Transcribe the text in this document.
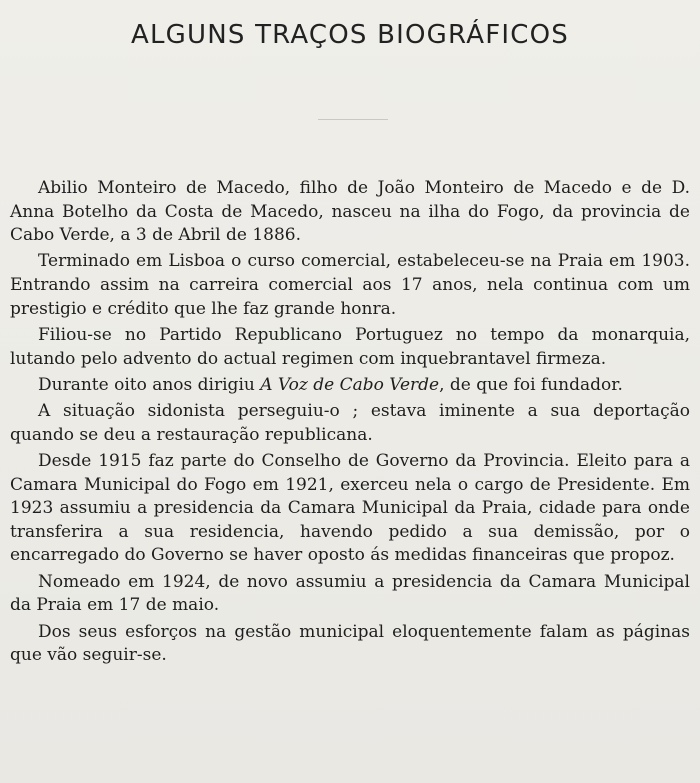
ALGUNS TRAÇOS BIOGRÁFICOS

Abilio Monteiro de Macedo, filho de João Monteiro de Macedo e de D. Anna Botelho da Costa de Macedo, nasceu na ilha do Fogo, da provincia de Cabo Verde, a 3 de Abril de 1886.

Terminado em Lisboa o curso comercial, estabeleceu-se na Praia em 1903. Entrando assim na carreira comercial aos 17 anos, nela continua com um prestigio e crédito que lhe faz grande honra.

Filiou-se no Partido Republicano Portuguez no tempo da monarquia, lutando pelo advento do actual regimen com inquebrantavel firmeza.

Durante oito anos dirigiu A Voz de Cabo Verde, de que foi fundador.

A situação sidonista perseguiu-o ; estava iminente a sua deportação quando se deu a restauração republicana.

Desde 1915 faz parte do Conselho de Governo da Provincia. Eleito para a Camara Municipal do Fogo em 1921, exerceu nela o cargo de Presidente. Em 1923 assumiu a presidencia da Camara Municipal da Praia, cidade para onde transferira a sua residencia, havendo pedido a sua demissão, por o encarregado do Governo se haver oposto ás medidas financeiras que propoz.

Nomeado em 1924, de novo assumiu a presidencia da Camara Municipal da Praia em 17 de maio.

Dos seus esforços na gestão municipal eloquentemente falam as páginas que vão seguir-se.
